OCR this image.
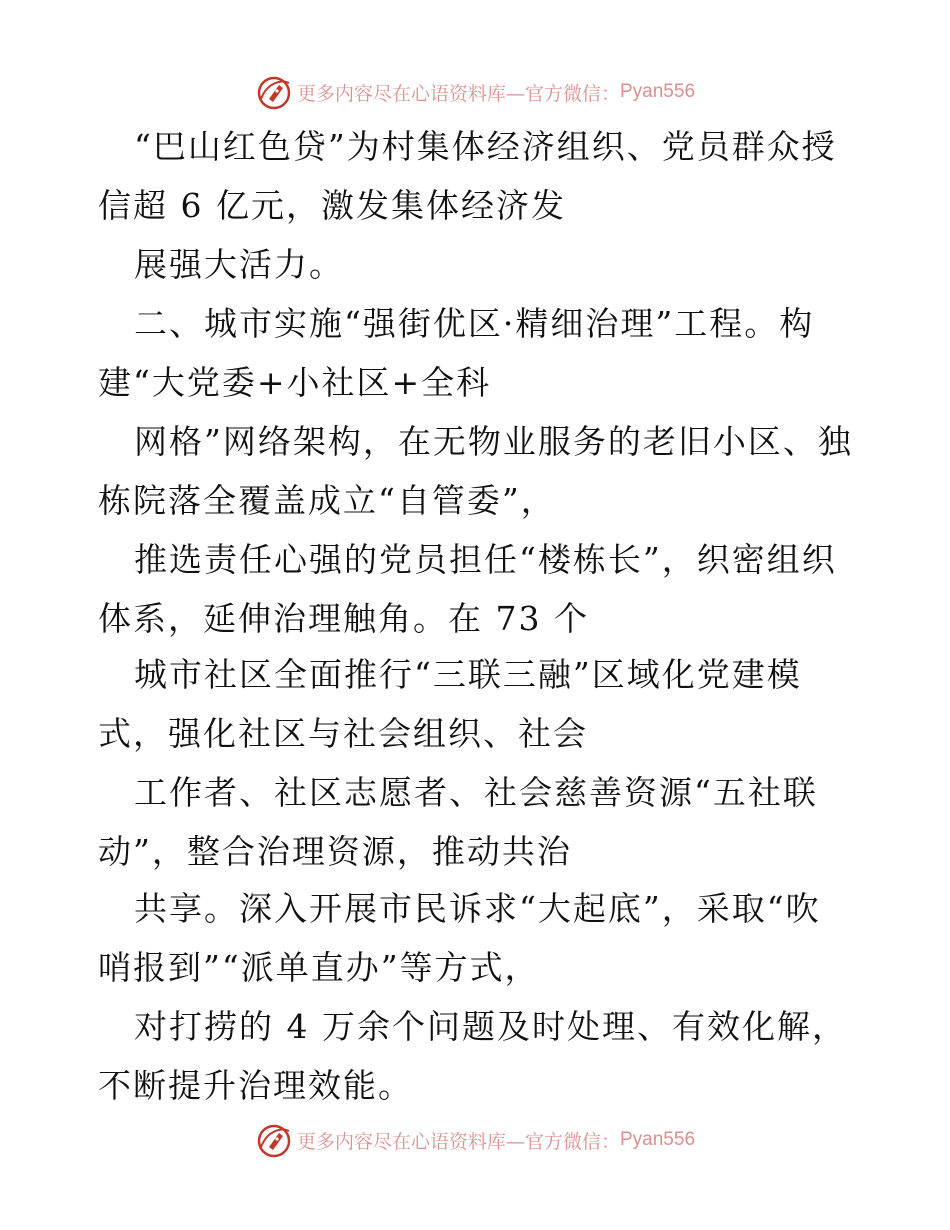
更多内容尽在心语资料库—官方微信： Pyan556
“巴山红色贷”为村集体经济组织、党员群众授
信超 6 亿元，激发集体经济发
展强大活力。
二、城市实施“强街优区·精细治理”工程。构
建“大党委+小社区+全科
网格”网络架构，在无物业服务的老旧小区、独
栋院落全覆盖成立“自管委”，
推选责任心强的党员担任“楼栋长”，织密组织
体系，延伸治理触角。在 73 个
城市社区全面推行“三联三融”区域化党建模
式，强化社区与社会组织、社会
工作者、社区志愿者、社会慈善资源“五社联
动”，整合治理资源，推动共治
共享。深入开展市民诉求“大起底”，采取“吹
哨报到”“派单直办”等方式，
对打捞的 4 万余个问题及时处理、有效化解，
不断提升治理效能。
更多内容尽在心语资料库—官方微信： Pyan556
